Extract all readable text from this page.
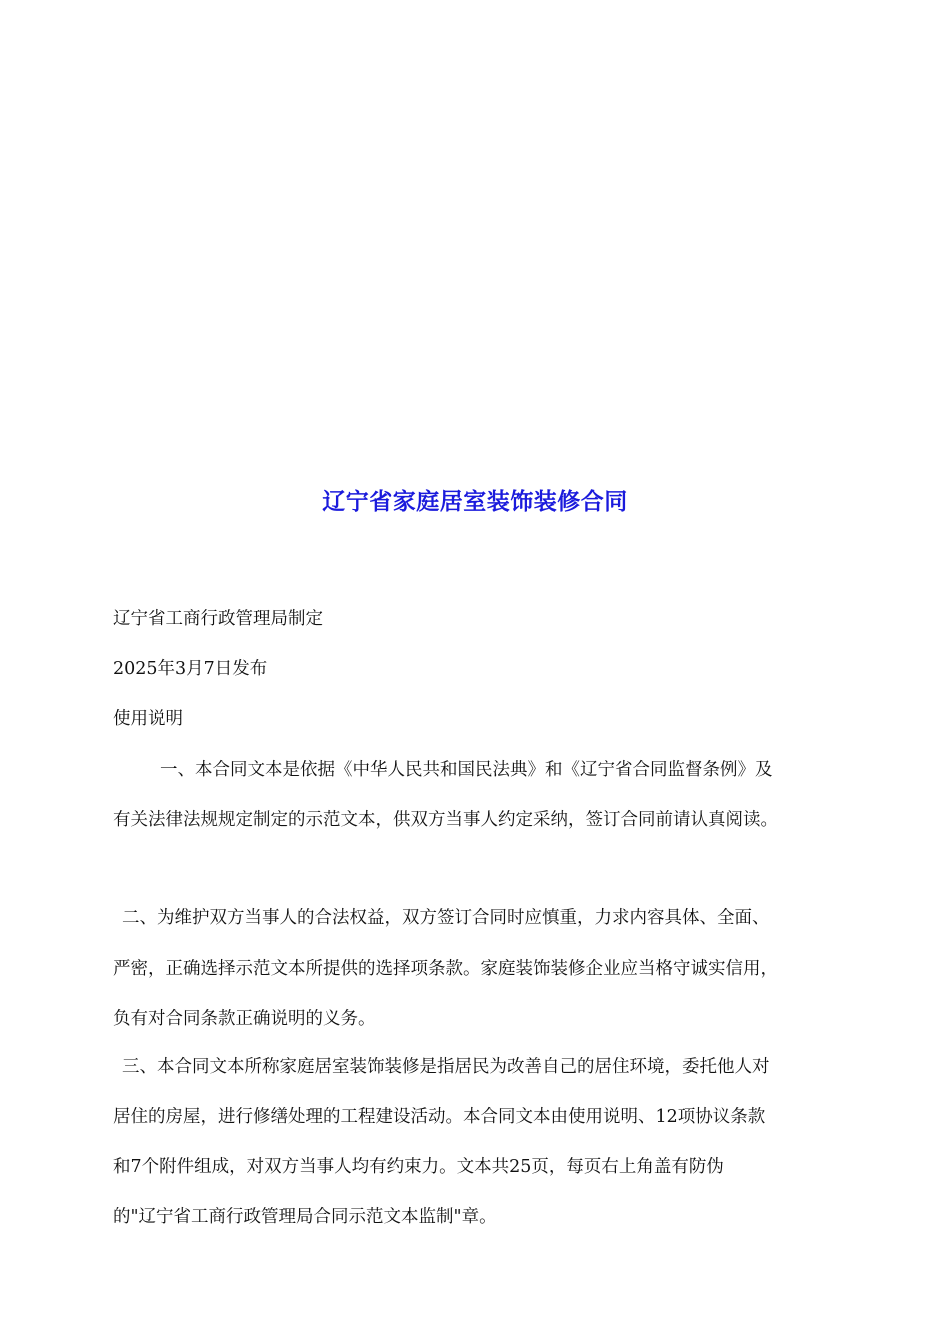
辽宁省家庭居室装饰装修合同
辽宁省工商行政管理局制定
2025年3月7日发布
使用说明
一、本合同文本是依据《中华人民共和国民法典》和《辽宁省合同监督条例》及
有关法律法规规定制定的示范文本，供双方当事人约定采纳，签订合同前请认真阅读。
二、为维护双方当事人的合法权益，双方签订合同时应慎重，力求内容具体、全面、
严密，正确选择示范文本所提供的选择项条款。家庭装饰装修企业应当格守诚实信用，
负有对合同条款正确说明的义务。
三、本合同文本所称家庭居室装饰装修是指居民为改善自己的居住环境，委托他人对
居住的房屋，进行修缮处理的工程建设活动。本合同文本由使用说明、12项协议条款
和7个附件组成，对双方当事人均有约束力。文本共25页，每页右上角盖有防伪
的"辽宁省工商行政管理局合同示范文本监制"章。
